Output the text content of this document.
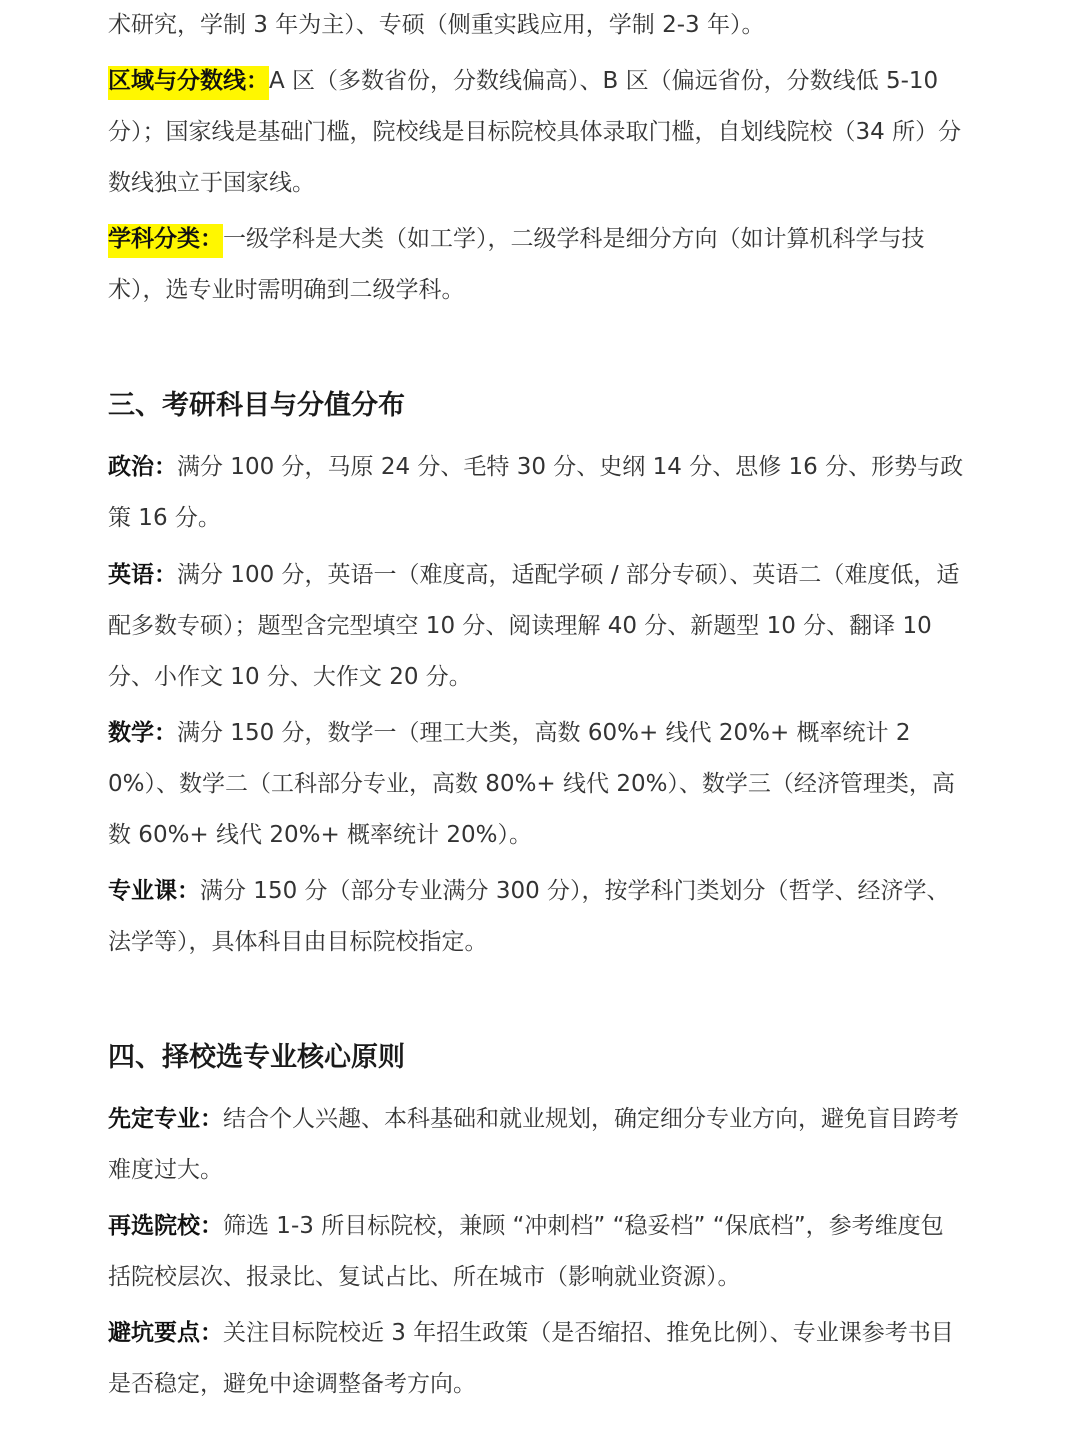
术研究，学制 3 年为主）、专硕（侧重实践应用，学制 2-3 年）。

区域与分数线：A 区（多数省份，分数线偏高）、B 区（偏远省份，分数线低 5-10 分）；国家线是基础门槛，院校线是目标院校具体录取门槛，自划线院校（34 所）分数线独立于国家线。

学科分类：一级学科是大类（如工学），二级学科是细分方向（如计算机科学与技术），选专业时需明确到二级学科。

三、考研科目与分值分布

政治：满分 100 分，马原 24 分、毛特 30 分、史纲 14 分、思修 16 分、形势与政策 16 分。

英语：满分 100 分，英语一（难度高，适配学硕 / 部分专硕）、英语二（难度低，适配多数专硕）；题型含完型填空 10 分、阅读理解 40 分、新题型 10 分、翻译 10 分、小作文 10 分、大作文 20 分。

数学：满分 150 分，数学一（理工大类，高数 60%+ 线代 20%+ 概率统计 20%）、数学二（工科部分专业，高数 80%+ 线代 20%）、数学三（经济管理类，高数 60%+ 线代 20%+ 概率统计 20%）。

专业课：满分 150 分（部分专业满分 300 分），按学科门类划分（哲学、经济学、法学等），具体科目由目标院校指定。

四、择校选专业核心原则

先定专业：结合个人兴趣、本科基础和就业规划，确定细分专业方向，避免盲目跨考难度过大。

再选院校：筛选 1-3 所目标院校，兼顾 “冲刺档” “稳妥档” “保底档”，参考维度包括院校层次、报录比、复试占比、所在城市（影响就业资源）。

避坑要点：关注目标院校近 3 年招生政策（是否缩招、推免比例）、专业课参考书目是否稳定，避免中途调整备考方向。
